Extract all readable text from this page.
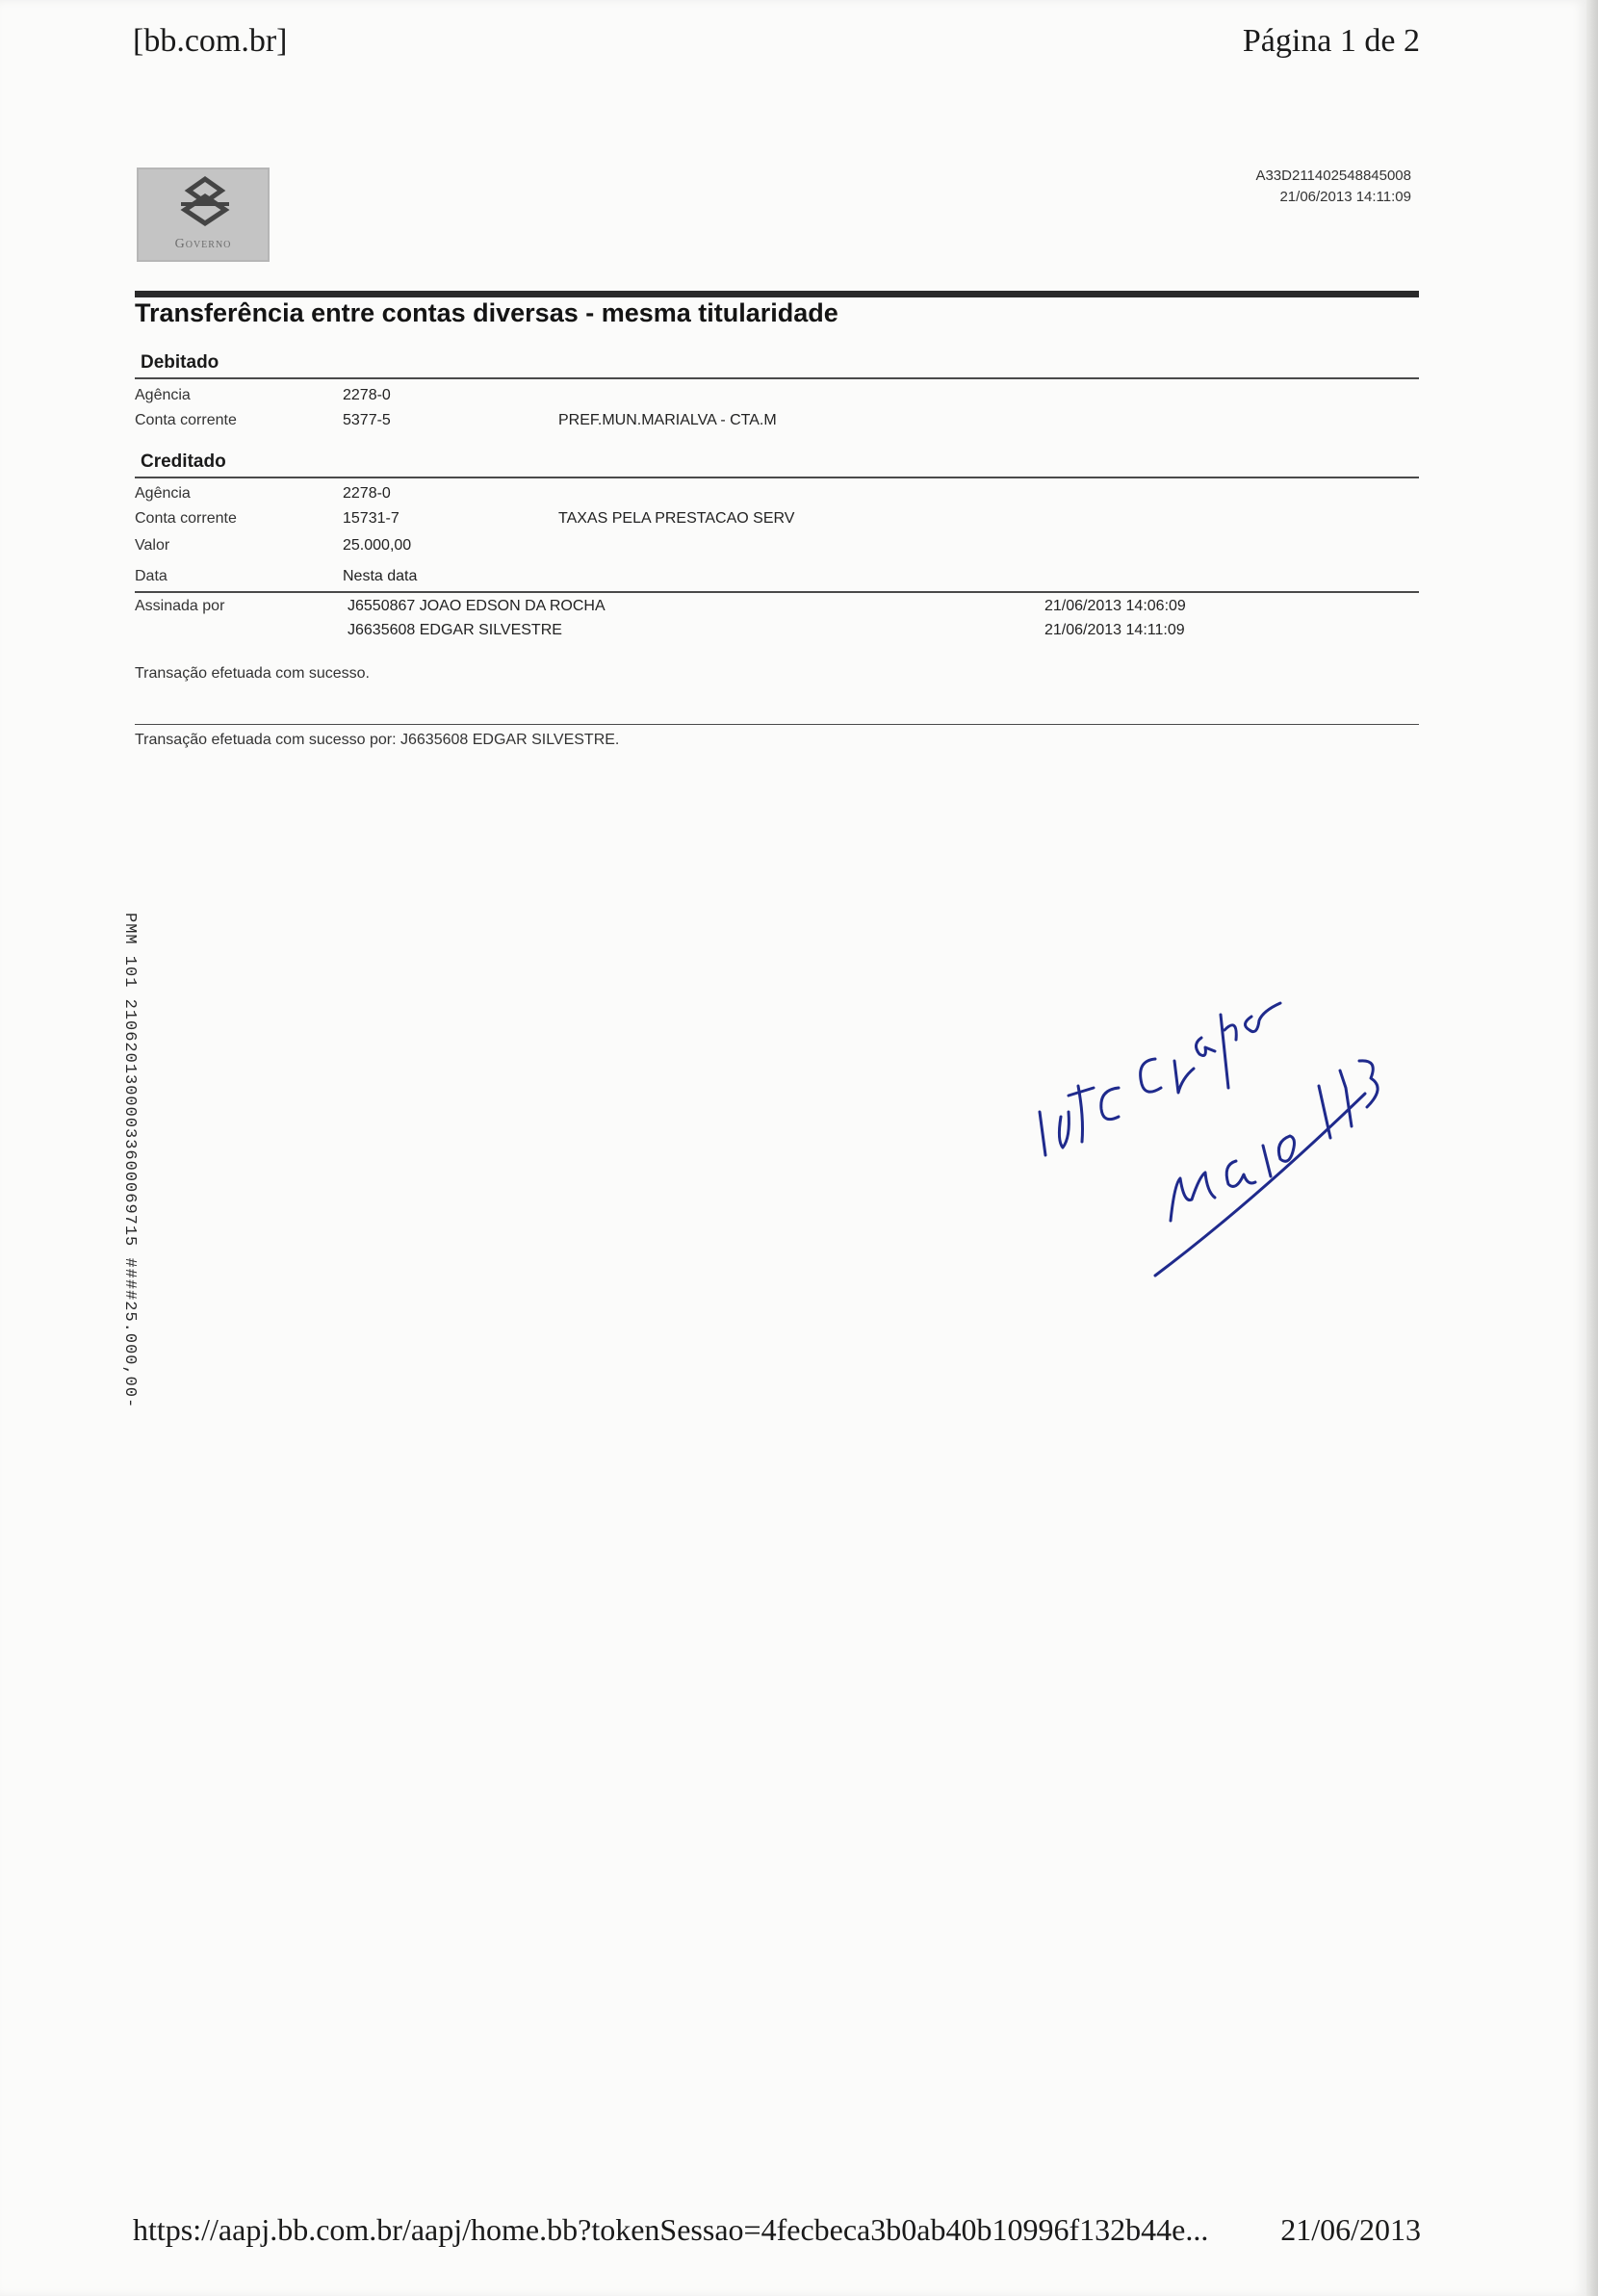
[bb.com.br]	Página 1 de 2
Governo
A33D211402548845008
21/06/2013 14:11:09
Transferência entre contas diversas - mesma titularidade
Debitado
Agência	2278-0
Conta corrente	5377-5	PREF.MUN.MARIALVA - CTA.M
Creditado
Agência	2278-0
Conta corrente	15731-7	TAXAS PELA PRESTACAO SERV
Valor	25.000,00
Data	Nesta data
Assinada por	J6550867 JOAO EDSON DA ROCHA	21/06/2013 14:06:09
J6635608 EDGAR SILVESTRE	21/06/2013 14:11:09
Transação efetuada com sucesso.
Transação efetuada com sucesso por: J6635608 EDGAR SILVESTRE.
PMM 101 21062013000033600069715 ####25.000,00-
https://aapj.bb.com.br/aapj/home.bb?tokenSessao=4fecbeca3b0ab40b10996f132b44e... 21/06/2013
